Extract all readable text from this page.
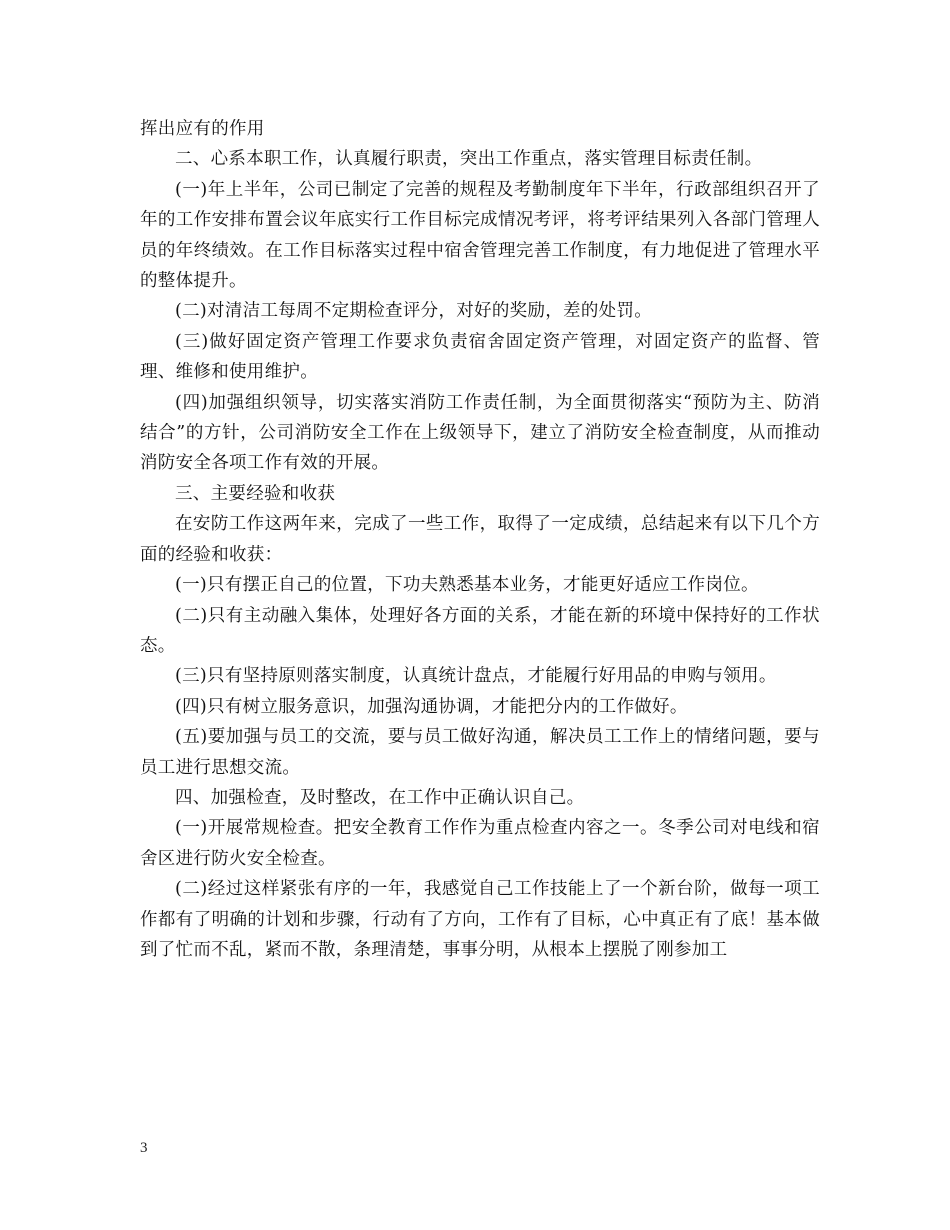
挥出应有的作用

二、心系本职工作，认真履行职责，突出工作重点，落实管理目标责任制。

(一)年上半年，公司已制定了完善的规程及考勤制度年下半年，行政部组织召开了年的工作安排布置会议年底实行工作目标完成情况考评，将考评结果列入各部门管理人员的年终绩效。在工作目标落实过程中宿舍管理完善工作制度，有力地促进了管理水平的整体提升。

(二)对清洁工每周不定期检查评分，对好的奖励，差的处罚。

(三)做好固定资产管理工作要求负责宿舍固定资产管理，对固定资产的监督、管理、维修和使用维护。

(四)加强组织领导，切实落实消防工作责任制，为全面贯彻落实“预防为主、防消结合”的方针，公司消防安全工作在上级领导下，建立了消防安全检查制度，从而推动消防安全各项工作有效的开展。

三、主要经验和收获

在安防工作这两年来，完成了一些工作，取得了一定成绩，总结起来有以下几个方面的经验和收获：

(一)只有摆正自己的位置，下功夫熟悉基本业务，才能更好适应工作岗位。

(二)只有主动融入集体，处理好各方面的关系，才能在新的环境中保持好的工作状态。

(三)只有坚持原则落实制度，认真统计盘点，才能履行好用品的申购与领用。

(四)只有树立服务意识，加强沟通协调，才能把分内的工作做好。

(五)要加强与员工的交流，要与员工做好沟通，解决员工工作上的情绪问题，要与员工进行思想交流。

四、加强检查，及时整改，在工作中正确认识自己。

(一)开展常规检查。把安全教育工作作为重点检查内容之一。冬季公司对电线和宿舍区进行防火安全检查。

(二)经过这样紧张有序的一年，我感觉自己工作技能上了一个新台阶，做每一项工作都有了明确的计划和步骤，行动有了方向，工作有了目标，心中真正有了底！基本做到了忙而不乱，紧而不散，条理清楚，事事分明，从根本上摆脱了刚参加工

3
